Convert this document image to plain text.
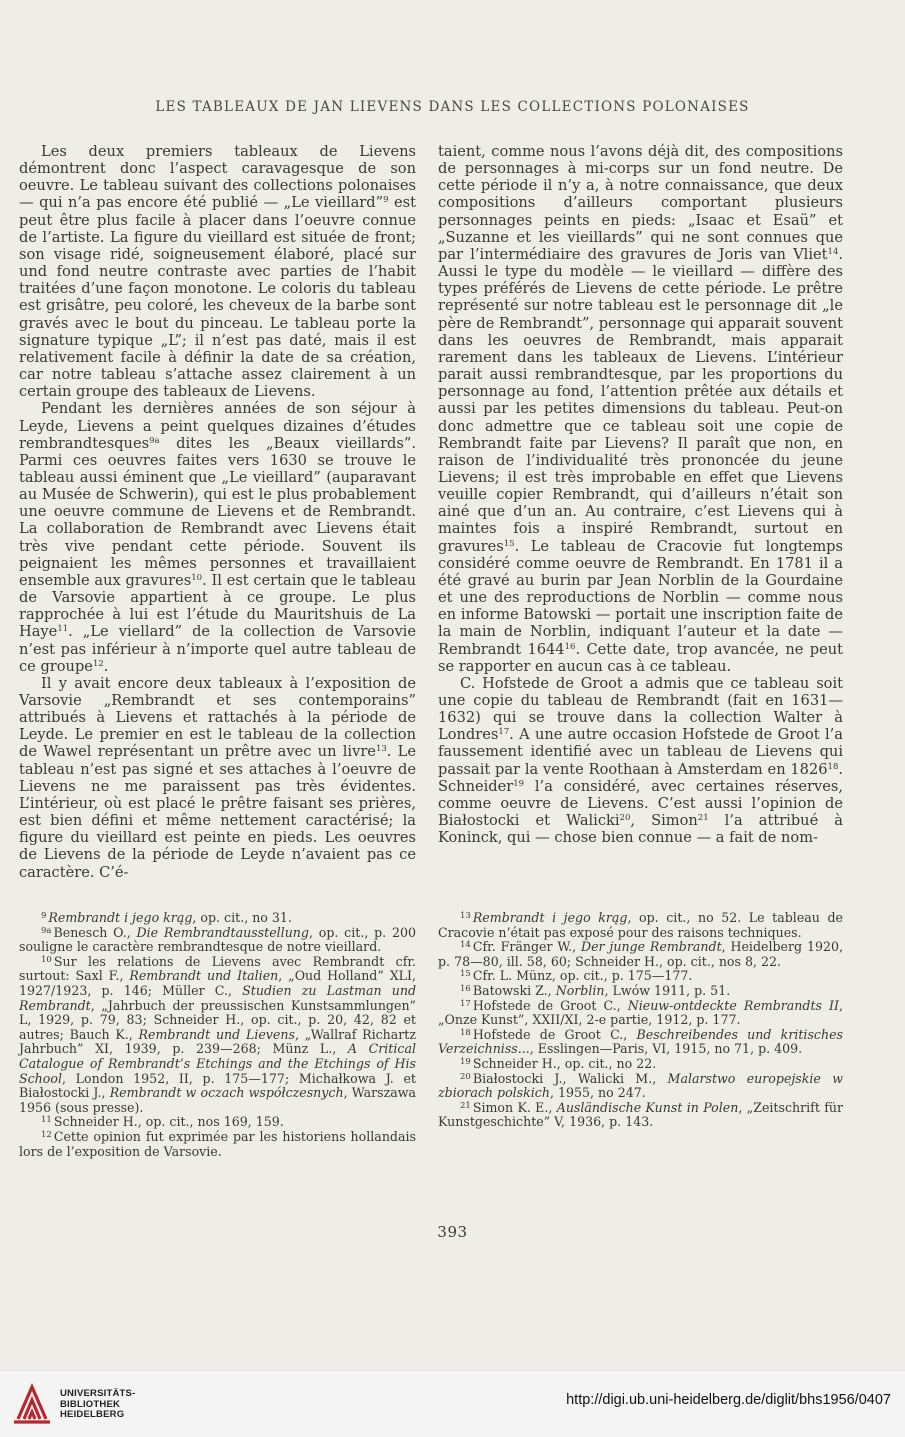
LES TABLEAUX DE JAN LIEVENS DANS LES COLLECTIONS POLONAISES

Les deux premiers tableaux de Lievens démontrent donc l’aspect caravagesque de son oeuvre. Le tableau suivant des collections polonaises — qui n’a pas encore été publié — „Le vieillard”$^9$ est peut être plus facile à placer dans l’oeuvre connue de l’artiste. La figure du vieillard est située de front; son visage ridé, soigneusement élaboré, placé sur und fond neutre contraste avec parties de l’habit traitées d’une façon monotone. Le coloris du tableau est grisâtre, peu coloré, les cheveux de la barbe sont gravés avec le bout du pinceau. Le tableau porte la signature typique „L”; il n’est pas daté, mais il est relativement facile à définir la date de sa création, car notre tableau s’attache assez clairement à un certain groupe des tableaux de Lievens.

Pendant les dernières années de son séjour à Leyde, Lievens a peint quelques dizaines d’études rembrandtesques$^{9a}$ dites les „Beaux vieillards”. Parmi ces oeuvres faites vers 1630 se trouve le tableau aussi éminent que „Le vieillard” (auparavant au Musée de Schwerin), qui est le plus probablement une oeuvre commune de Lievens et de Rembrandt. La collaboration de Rembrandt avec Lievens était très vive pendant cette période. Souvent ils peignaient les mêmes personnes et travaillaient ensemble aux gravures$^{10}$. Il est certain que le tableau de Varsovie appartient à ce groupe. Le plus rapprochée à lui est l’étude du Mauritshuis de La Haye$^{11}$. „Le viellard” de la collection de Varsovie n’est pas inférieur à n’importe quel autre tableau de ce groupe$^{12}$.

Il y avait encore deux tableaux à l’exposition de Varsovie „Rembrandt et ses contemporains” attribués à Lievens et rattachés à la période de Leyde. Le premier en est le tableau de la collection de Wawel représentant un prêtre avec un livre$^{13}$. Le tableau n’est pas signé et ses attaches à l’oeuvre de Lievens ne me paraissent pas très évidentes. L’intérieur, où est placé le prêtre faisant ses prières, est bien défini et même nettement caractérisé; la figure du vieillard est peinte en pieds. Les oeuvres de Lievens de la période de Leyde n’avaient pas ce caractère. C’é-

taient, comme nous l’avons déjà dit, des compositions de personnages à mi-corps sur un fond neutre. De cette période il n’y a, à notre connaissance, que deux compositions d’ailleurs comportant plusieurs personnages peints en pieds: „Isaac et Esaü” et „Suzanne et les vieillards” qui ne sont connues que par l’intermédiaire des gravures de Joris van Vliet$^{14}$. Aussi le type du modèle — le vieillard — diffère des types préférés de Lievens de cette période. Le prêtre représenté sur notre tableau est le personnage dit „le père de Rembrandt”, personnage qui apparait souvent dans les oeuvres de Rembrandt, mais apparait rarement dans les tableaux de Lievens. L’intérieur parait aussi rembrandtesque, par les proportions du personnage au fond, l’attention prêtée aux détails et aussi par les petites dimensions du tableau. Peut-on donc admettre que ce tableau soit une copie de Rembrandt faite par Lievens? Il paraît que non, en raison de l’individualité très prononcée du jeune Lievens; il est très improbable en effet que Lievens veuille copier Rembrandt, qui d’ailleurs n’était son ainé que d’un an. Au contraire, c’est Lievens qui à maintes fois a inspiré Rembrandt, surtout en gravures$^{15}$. Le tableau de Cracovie fut longtemps considéré comme oeuvre de Rembrandt. En 1781 il a été gravé au burin par Jean Norblin de la Gourdaine et une des reproductions de Norblin — comme nous en informe Batowski — portait une inscription faite de la main de Norblin, indiquant l’auteur et la date — Rembrandt 1644$^{16}$. Cette date, trop avancée, ne peut se rapporter en aucun cas à ce tableau.

C. Hofstede de Groot a admis que ce tableau soit une copie du tableau de Rembrandt (fait en 1631—1632) qui se trouve dans la collection Walter à Londres$^{17}$. A une autre occasion Hofstede de Groot l’a faussement identifié avec un tableau de Lievens qui passait par la vente Roothaan à Amsterdam en 1826$^{18}$. Schneider$^{19}$ l’a considéré, avec certaines réserves, comme oeuvre de Lievens. C’est aussi l’opinion de Białostocki et Walicki$^{20}$, Simon$^{21}$ l’a attribué à Koninck, qui — chose bien connue — a fait de nom-

$^9$ Rembrandt i jego krąg, op. cit., no 31.

$^{9a}$ Benesch O., Die Rembrandtausstellung, op. cit., p. 200 souligne le caractère rembrandtesque de notre vieillard.

$^{10}$ Sur les relations de Lievens avec Rembrandt cfr. surtout: Saxl F., Rembrandt und Italien, „Oud Holland” XLI, 1927/1923, p. 146; Müller C., Studien zu Lastman und Rembrandt, „Jahrbuch der preussischen Kunstsammlungen” L, 1929, p. 79, 83; Schneider H., op. cit., p. 20, 42, 82 et autres; Bauch K., Rembrandt und Lievens, „Wallraf Richartz Jahrbuch” XI, 1939, p. 239—268; Münz L., A Critical Catalogue of Rembrandt’s Etchings and the Etchings of His School, London 1952, II, p. 175—177; Michałkowa J. et Białostocki J., Rembrandt w oczach współczesnych, Warszawa 1956 (sous presse).

$^{11}$ Schneider H., op. cit., nos 169, 159.

$^{12}$ Cette opinion fut exprimée par les historiens hollandais lors de l’exposition de Varsovie.

$^{13}$ Rembrandt i jego krąg, op. cit., no 52. Le tableau de Cracovie n’était pas exposé pour des raisons techniques.

$^{14}$ Cfr. Fränger W., Der junge Rembrandt, Heidelberg 1920, p. 78—80, ill. 58, 60; Schneider H., op. cit., nos 8, 22.

$^{15}$ Cfr. L. Münz, op. cit., p. 175—177.

$^{16}$ Batowski Z., Norblin, Lwów 1911, p. 51.

$^{17}$ Hofstede de Groot C., Nieuw-ontdeckte Rembrandts II, „Onze Kunst”, XXII/XI, 2-e partie, 1912, p. 177.

$^{18}$ Hofstede de Groot C., Beschreibendes und kritisches Verzeichniss..., Esslingen—Paris, VI, 1915, no 71, p. 409.

$^{19}$ Schneider H., op. cit., no 22.

$^{20}$ Białostocki J., Walicki M., Malarstwo europejskie w zbiorach polskich, 1955, no 247.

$^{21}$ Simon K. E., Ausländische Kunst in Polen, „Zeitschrift für Kunstgeschichte” V, 1936, p. 143.

393
UNIVERSITÄTS-
BIBLIOTHEK
HEIDELBERG
http://digi.ub.uni-heidelberg.de/diglit/bhs1956/0407
